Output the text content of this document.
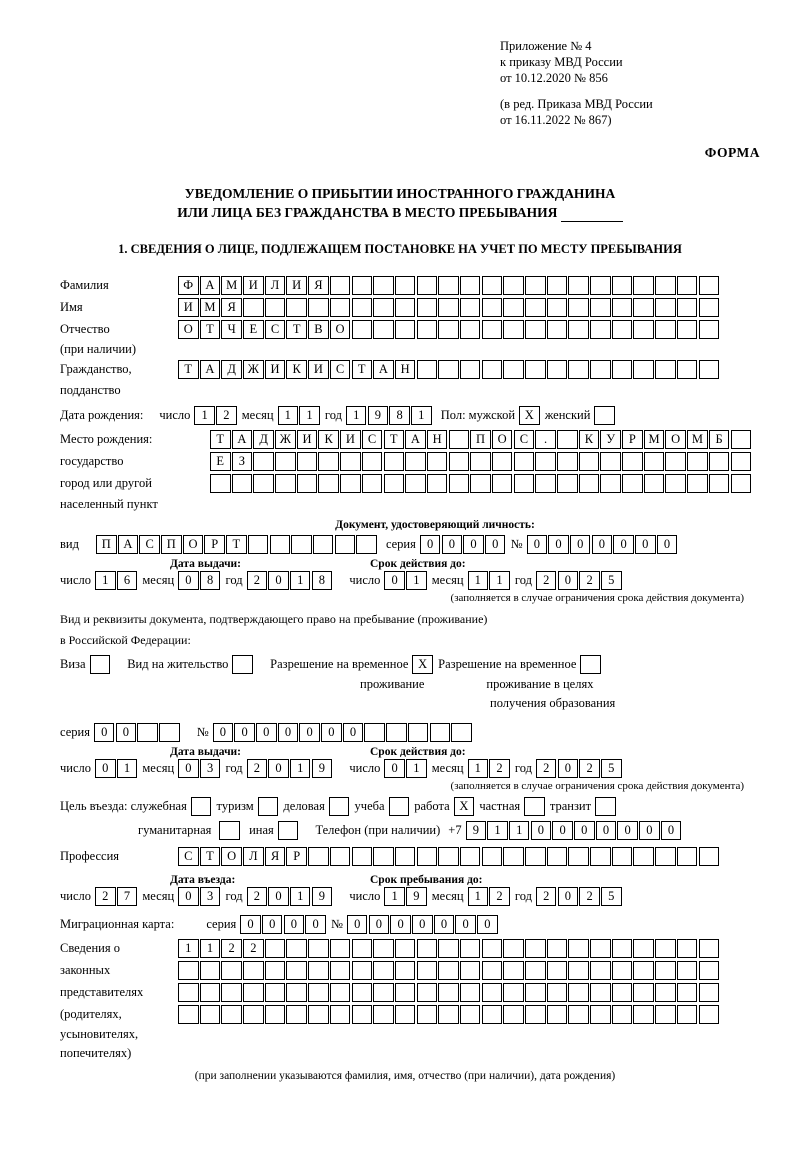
Приложение № 4
к приказу МВД России
от 10.12.2020 № 856
(в ред. Приказа МВД России
от 16.11.2022 № 867)
ФОРМА
УВЕДОМЛЕНИЕ О ПРИБЫТИИ ИНОСТРАННОГО ГРАЖДАНИНА
ИЛИ ЛИЦА БЕЗ ГРАЖДАНСТВА В МЕСТО ПРЕБЫВАНИЯ
1. СВЕДЕНИЯ О ЛИЦЕ, ПОДЛЕЖАЩЕМ ПОСТАНОВКЕ НА УЧЕТ ПО МЕСТУ ПРЕБЫВАНИЯ
Фамилия	Ф А М И	Л	И	Я
Имя	И М Я
Отчество	О	Т	Ч	Е	С	Т	В	О
(при наличии)
Гражданство,	Т	А	Д Ж И	К	И	С	Т	А	Н
подданство
Дата рождения: число 1	2 месяц 1	1 год 1	9	8	1	Пол: мужской X женский
Место рождения:	Т	А	Д Ж И	К	И	С	Т	А	Н	П	О	С	.	К	У	Р	М О М	Б
государство	Е	З
город или другой
населенный пункт
Документ, удостоверяющий личность:
вид	П	А	С	П	О	Р	Т	серия 0	0	0	0 № 0	0	0	0	0	0	0
Дата выдачи:	Срок действия до:
число 1	6 месяц 0	8 год 2	0	1	8	число 0	1 месяц 1	1 год 2	0	2	5
(заполняется в случае ограничения срока действия документа)
Вид и реквизиты документа, подтверждающего право на пребывание (проживание)
в Российской Федерации:
Виза	Вид на жительство	Разрешение на временное X Разрешение на временное
проживание	проживание в целях
получения образования
серия 0	0	№ 0	0	0	0	0	0	0
Дата выдачи:	Срок действия до:
число 0	1 месяц 0	3 год 2	0	1	9	число 0	1 месяц 1	2 год 2	0	2	5
(заполняется в случае ограничения срока действия документа)
Цель въезда: служебная туризм деловая учеба работа X частная транзит
гуманитарная	иная	Телефон (при наличии) +7 9	1	1	0	0	0	0	0	0	0
Профессия	С	Т	О	Л	Я	Р
Дата въезда:	Срок пребывания до:
число 2	7 месяц 0	3 год 2	0	1	9	число 1	9 месяц 1	2 год 2	0	2	5
Миграционная карта:	серия 0	0	0	0 № 0	0	0	0	0	0	0
Сведения о	1	1	2	2
законных
представителях
(родителях,
усыновителях,
попечителях)
(при заполнении указываются фамилия, имя, отчество (при наличии), дата рождения)
